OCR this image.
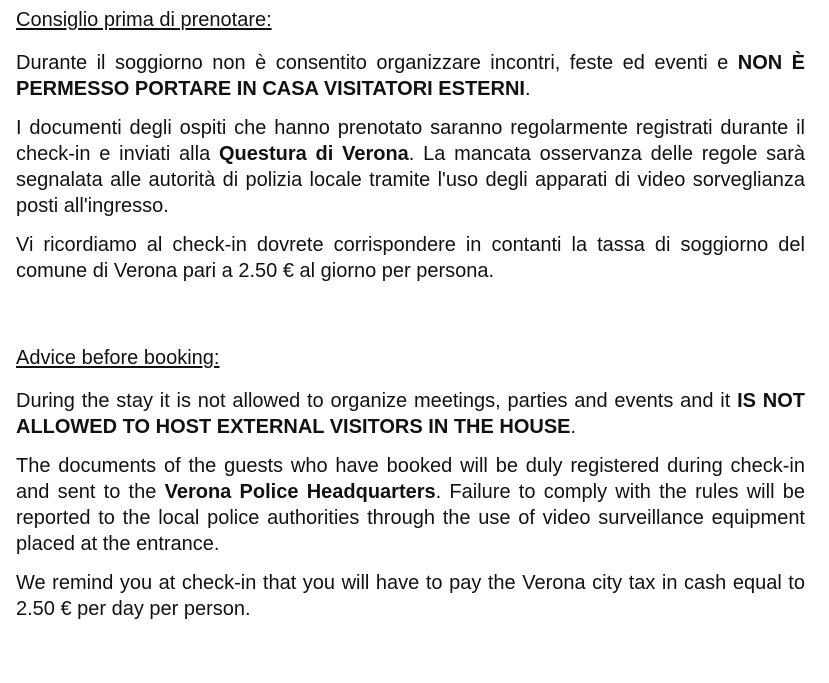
Consiglio prima di prenotare:

Durante il soggiorno non è consentito organizzare incontri, feste ed eventi e NON È PERMESSO PORTARE IN CASA VISITATORI ESTERNI.

I documenti degli ospiti che hanno prenotato saranno regolarmente registrati durante il check-in e inviati alla Questura di Verona. La mancata osservanza delle regole sarà segnalata alle autorità di polizia locale tramite l'uso degli apparati di video sorveglianza posti all'ingresso.

Vi ricordiamo al check-in dovrete corrispondere in contanti la tassa di soggiorno del comune di Verona pari a 2.50 € al giorno per persona.

Advice before booking:

During the stay it is not allowed to organize meetings, parties and events and it IS NOT ALLOWED TO HOST EXTERNAL VISITORS IN THE HOUSE.

The documents of the guests who have booked will be duly registered during check-in and sent to the Verona Police Headquarters. Failure to comply with the rules will be reported to the local police authorities through the use of video surveillance equipment placed at the entrance.

We remind you at check-in that you will have to pay the Verona city tax in cash equal to 2.50 € per day per person.
